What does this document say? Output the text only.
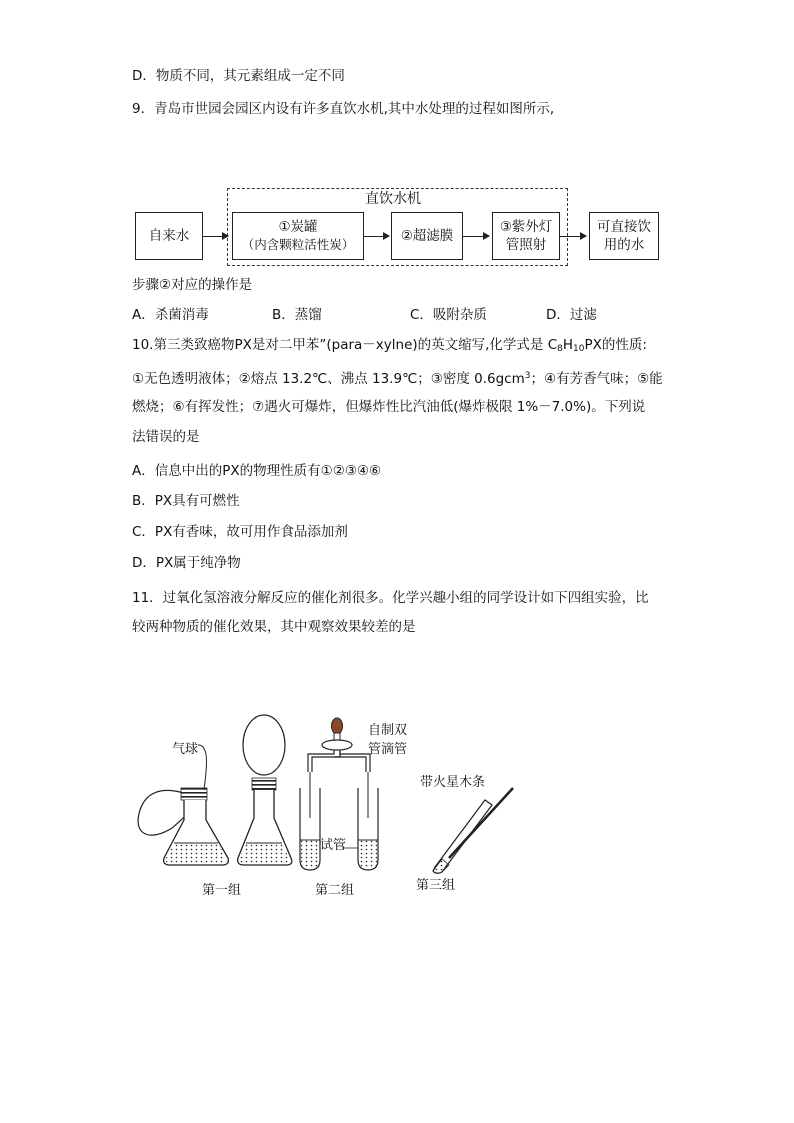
D．物质不同，其元素组成一定不同
9．青岛市世园会园区内设有许多直饮水机,其中水处理的过程如图所示,
直饮水机
自来水
①炭罐
（内含颗粒活性炭）
②超滤膜
③紫外灯
管照射
可直接饮
用的水
步骤②对应的操作是
A．杀菌消毒	B．蒸馏	C．吸附杂质	D．过滤
10.第三类致癌物PX是对二甲苯”(para－xylne)的英文缩写,化学式是 $C_8H_{10}PX$的性质:
①无色透明液体；②熔点 13.2℃、沸点 13.9℃；③密度 0.6gcm$^3$；④有芳香气味；⑤能
燃烧；⑥有挥发性；⑦遇火可爆炸，但爆炸性比汽油低(爆炸极限 1%－7.0%)。下列说
法错误的是
A．信息中出的PX的物理性质有①②③④⑥
B．PX具有可燃性
C．PX有香味，故可用作食品添加剂
D．PX属于纯净物
11．过氧化氢溶液分解反应的催化剂很多。化学兴趣小组的同学设计如下四组实验，比较两种物质的催化效果，其中观察效果较差的是
气球
自制双
管滴管
试管
带火星木条
第一组	第二组	第三组
